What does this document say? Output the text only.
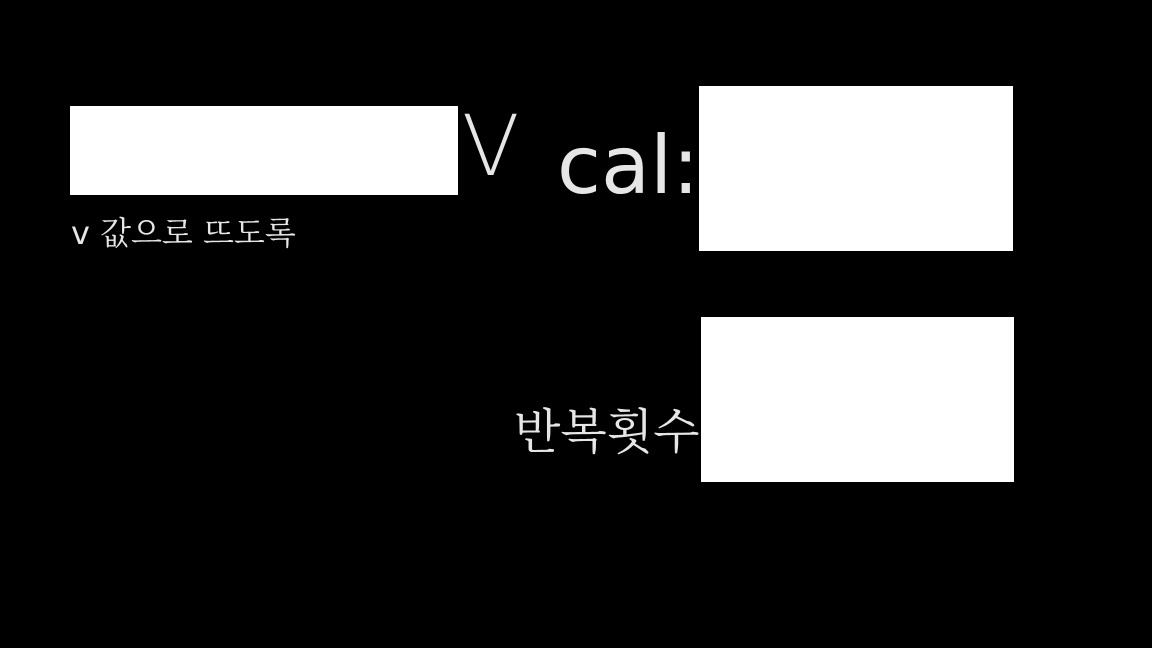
V
v 값으로 뜨도록
cal:
반복횟수
